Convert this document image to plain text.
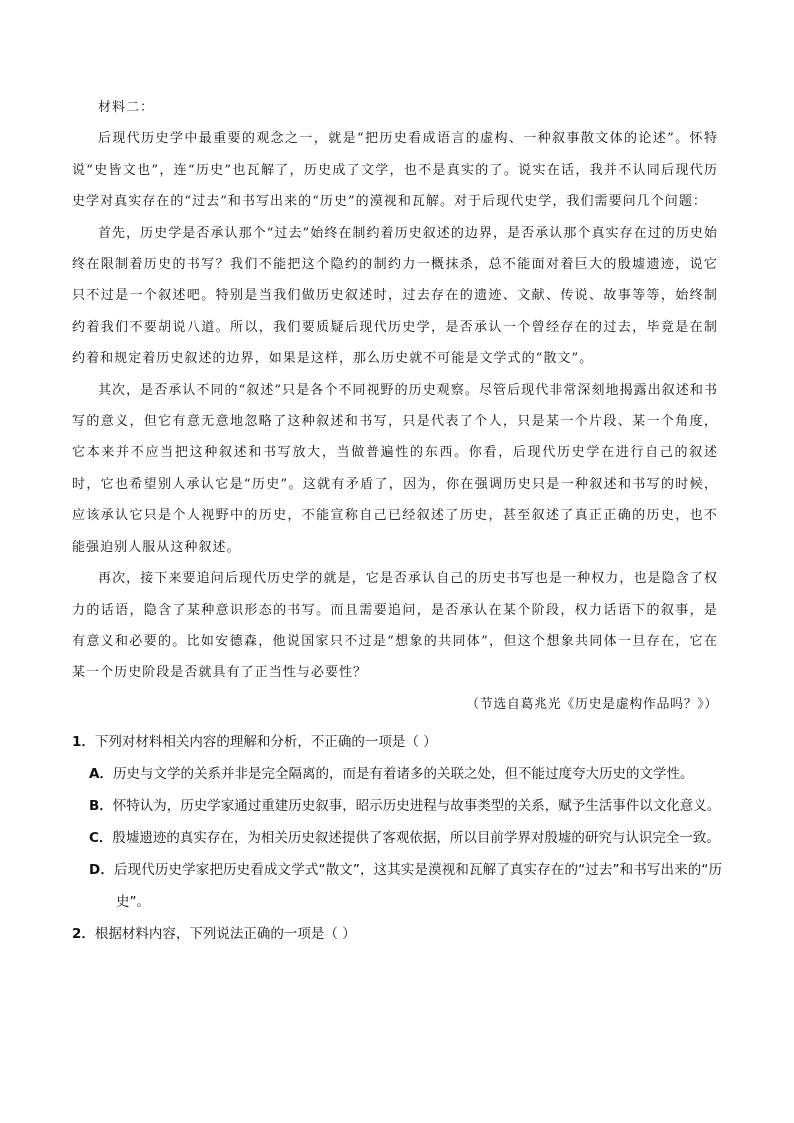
材料二：

后现代历史学中最重要的观念之一，就是“把历史看成语言的虚构、一种叙事散文体的论述”。怀特说“史皆文也”，连“历史”也瓦解了，历史成了文学，也不是真实的了。说实在话，我并不认同后现代历史学对真实存在的“过去”和书写出来的“历史”的漠视和瓦解。对于后现代史学，我们需要问几个问题：

首先，历史学是否承认那个“过去”始终在制约着历史叙述的边界，是否承认那个真实存在过的历史始终在限制着历史的书写？我们不能把这个隐约的制约力一概抹杀，总不能面对着巨大的殷墟遗迹，说它只不过是一个叙述吧。特别是当我们做历史叙述时，过去存在的遗迹、文献、传说、故事等等，始终制约着我们不要胡说八道。所以，我们要质疑后现代历史学，是否承认一个曾经存在的过去，毕竟是在制约着和规定着历史叙述的边界，如果是这样，那么历史就不可能是文学式的“散文”。

其次，是否承认不同的“叙述”只是各个不同视野的历史观察。尽管后现代非常深刻地揭露出叙述和书写的意义，但它有意无意地忽略了这种叙述和书写，只是代表了个人，只是某一个片段、某一个角度，它本来并不应当把这种叙述和书写放大，当做普遍性的东西。你看，后现代历史学在进行自己的叙述时，它也希望别人承认它是“历史”。这就有矛盾了，因为，你在强调历史只是一种叙述和书写的时候，应该承认它只是个人视野中的历史，不能宣称自己已经叙述了历史，甚至叙述了真正正确的历史，也不能强迫别人服从这种叙述。

再次，接下来要追问后现代历史学的就是，它是否承认自己的历史书写也是一种权力，也是隐含了权力的话语，隐含了某种意识形态的书写。而且需要追问，是否承认在某个阶段，权力话语下的叙事，是有意义和必要的。比如安德森，他说国家只不过是“想象的共同体”，但这个想象共同体一旦存在，它在某一个历史阶段是否就具有了正当性与必要性？

（节选自葛兆光《历史是虚构作品吗？》）

1．下列对材料相关内容的理解和分析，不正确的一项是（ ）
A．历史与文学的关系并非是完全隔离的，而是有着诸多的关联之处，但不能过度夸大历史的文学性。
B．怀特认为，历史学家通过重建历史叙事，昭示历史进程与故事类型的关系，赋予生活事件以文化意义。
C．殷墟遗迹的真实存在，为相关历史叙述提供了客观依据，所以目前学界对殷墟的研究与认识完全一致。
D．后现代历史学家把历史看成文学式“散文”，这其实是漠视和瓦解了真实存在的“过去”和书写出来的“历史”。
2．根据材料内容，下列说法正确的一项是（ ）
